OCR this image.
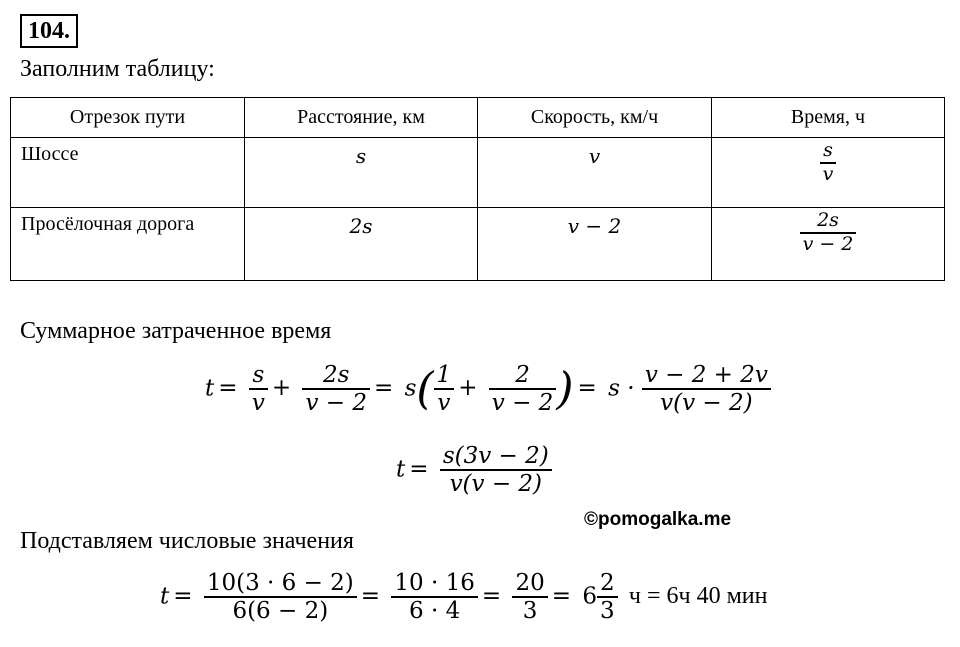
104.
Заполним таблицу:
Отрезок пути	Расстояние, км	Скорость, км/ч	Время, ч
Шоссе	s	v	$\frac{s}{v}$

Просёлочная дорога	2s	v − 2	$\frac{2s}{v - 2}$
Суммарное затраченное время
$t = \frac{s}{v} + \frac{2s}{v - 2} = s( \frac{1}{v} + \frac{2}{v - 2}$ ) = $s \cdot \frac{v - 2 + 2v}{v(v - 2)}$
$t = \frac{s(3v - 2)}{v(v - 2)}$
©pomogalka.me
Подставляем числовые значения
$t = \frac{10(3 \cdot 6 - 2)}{6(6 - 2)} = \frac{10 \cdot 16}{6 \cdot 4} = \frac{20}{3} = 6 \frac{2}{3}$ ч = 6ч 40 мин
